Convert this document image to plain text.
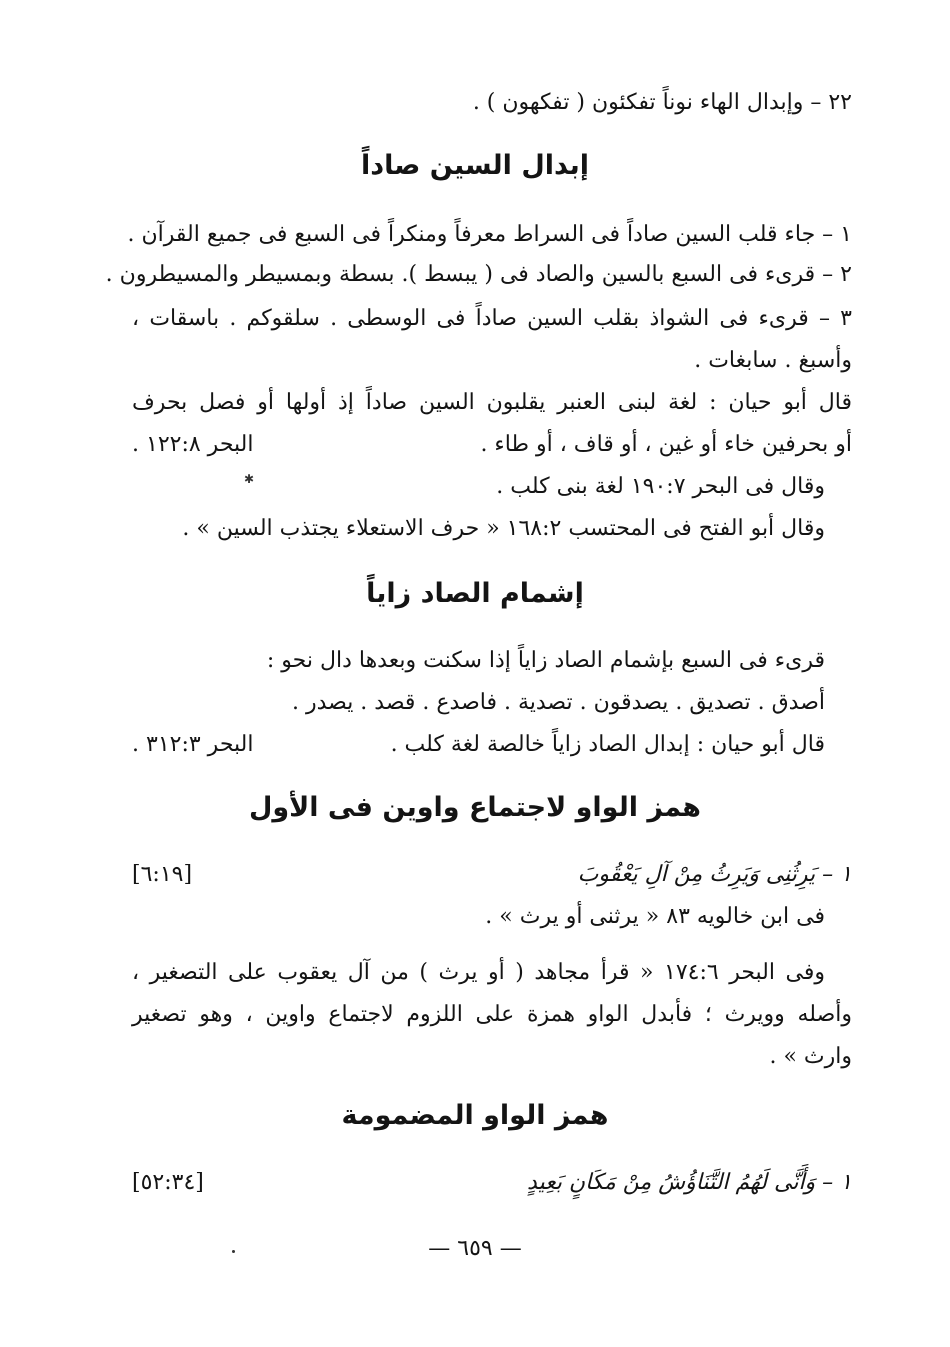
٢٢ – وإبدال الهاء نوناً تفكئون ( تفكهون ) .
إبدال السين صاداً
١ – جاء قلب السين صاداً فى السراط معرفاً ومنكراً فى السبع فى جميع القرآن .
٢ – قرىء فى السبع بالسين والصاد فى ( يبسط ). بسطة وبمسيطر والمسيطرون .
٣ – قرىء فى الشواذ بقلب السين صاداً فى الوسطى . سلقوكم . باسقات ،
وأسبغ . سابغات .
قال أبو حيان : لغة لبنى العنبر يقلبون السين صاداً إذ أولها أو فصل بحرف
أو بحرفين خاء أو غين ، أو قاف ، أو طاء .
البحر ١٢٢:٨ .
✱	وقال فى البحر ١٩٠:٧ لغة بنى كلب .
وقال أبو الفتح فى المحتسب ١٦٨:٢ « حرف الاستعلاء يجتذب السين » .
إشمام الصاد زاياً
قرىء فى السبع بإشمام الصاد زاياً إذا سكنت وبعدها دال نحو :
أصدق . تصديق . يصدقون . تصدية . فاصدع . قصد . يصدر .
قال أبو حيان : إبدال الصاد زاياً خالصة لغة كلب .
البحر ٣١٢:٣ .
همز الواو لاجتماع واوين فى الأول
١ – يَرِثُنِى وَيَرِثُ مِنْ آلِ يَعْقُوبَ
[٦:١٩]
فى ابن خالويه ٨٣ « يرثنى أو يرث » .
وفى البحر ١٧٤:٦ « قرأ مجاهد ( أو يرث ) من آل يعقوب على التصغير ،
وأصله وويرث ؛ فأبدل الواو همزة على اللزوم لاجتماع واوين ، وهو تصغير
وارث » .
همز الواو المضمومة
١ – وَأَنَّى لَهُمُ التَّنَاؤُشُ مِنْ مَكَانٍ بَعِيدٍ
[٥٢:٣٤]
— ٦٥٩ —
